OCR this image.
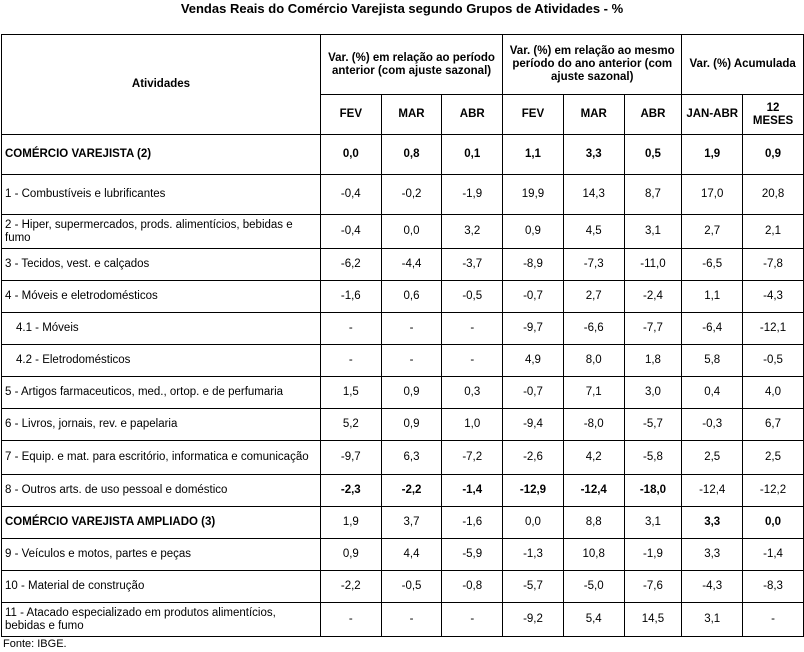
Vendas Reais do Comércio Varejista segundo Grupos de Atividades - %
Atividades	Var. (%) em relação ao período anterior (com ajuste sazonal)			Var. (%) em relação ao mesmo período do ano anterior (com ajuste sazonal)			Var. (%) Acumulada	
	FEV	MAR	ABR	FEV	MAR	ABR	JAN-ABR	12 MESES
COMÉRCIO VAREJISTA (2)	0,0	0,8	0,1	1,1	3,3	0,5	1,9	0,9
1 - Combustíveis e lubrificantes	-0,4	-0,2	-1,9	19,9	14,3	8,7	17,0	20,8
2 - Hiper, supermercados, prods. alimentícios, bebidas e fumo	-0,4	0,0	3,2	0,9	4,5	3,1	2,7	2,1
3 - Tecidos, vest. e calçados	-6,2	-4,4	-3,7	-8,9	-7,3	-11,0	-6,5	-7,8
4 - Móveis e eletrodomésticos	-1,6	0,6	-0,5	-0,7	2,7	-2,4	1,1	-4,3
4.1 - Móveis	-	-	-	-9,7	-6,6	-7,7	-6,4	-12,1
4.2 - Eletrodomésticos	-	-	-	4,9	8,0	1,8	5,8	-0,5
5 - Artigos farmaceuticos, med., ortop. e de perfumaria	1,5	0,9	0,3	-0,7	7,1	3,0	0,4	4,0
6 - Livros, jornais, rev. e papelaria	5,2	0,9	1,0	-9,4	-8,0	-5,7	-0,3	6,7
7 - Equip. e mat. para escritório, informatica e comunicação	-9,7	6,3	-7,2	-2,6	4,2	-5,8	2,5	2,5
8 - Outros arts. de uso pessoal e doméstico	-2,3	-2,2	-1,4	-12,9	-12,4	-18,0	-12,4	-12,2
COMÉRCIO VAREJISTA AMPLIADO (3)	1,9	3,7	-1,6	0,0	8,8	3,1	3,3	0,0
9 - Veículos e motos, partes e peças	0,9	4,4	-5,9	-1,3	10,8	-1,9	3,3	-1,4
10 - Material de construção	-2,2	-0,5	-0,8	-5,7	-5,0	-7,6	-4,3	-8,3
11 - Atacado especializado em produtos alimentícios, bebidas e fumo	-	-	-	-9,2	5,4	14,5	3,1	-
Fonte: IBGE.
